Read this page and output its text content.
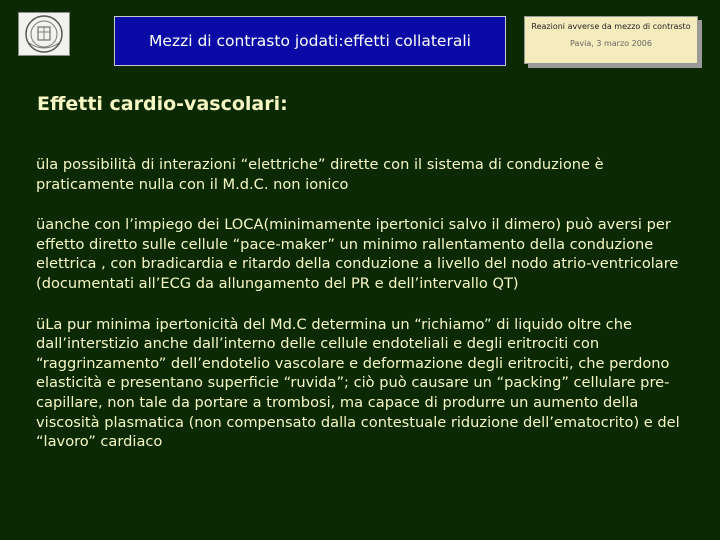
Mezzi di contrasto jodati:effetti collaterali
Reazioni avverse da mezzo di contrasto
Pavia, 3 marzo 2006
Effetti cardio-vascolari:

üla possibilità di interazioni “elettriche” dirette con il sistema di conduzione è praticamente nulla con il M.d.C. non ionico

üanche con l’impiego dei LOCA(minimamente ipertonici salvo il dimero) può aversi per effetto diretto sulle cellule “pace-maker” un minimo rallentamento della conduzione elettrica , con bradicardia e ritardo della conduzione a livello del nodo atrio-ventricolare (documentati all’ECG da allungamento del PR e dell’intervallo QT)

üLa pur minima ipertonicità del Md.C determina un “richiamo” di liquido oltre che dall’interstizio anche dall’interno delle cellule endoteliali e degli eritrociti con “raggrinzamento” dell’endotelio vascolare e deformazione degli eritrociti, che perdono elasticità e presentano superficie “ruvida”; ciò può causare un “packing” cellulare pre-capillare, non tale da portare a trombosi, ma capace di produrre un aumento della viscosità plasmatica (non compensato dalla contestuale riduzione dell’ematocrito) e del “lavoro” cardiaco
